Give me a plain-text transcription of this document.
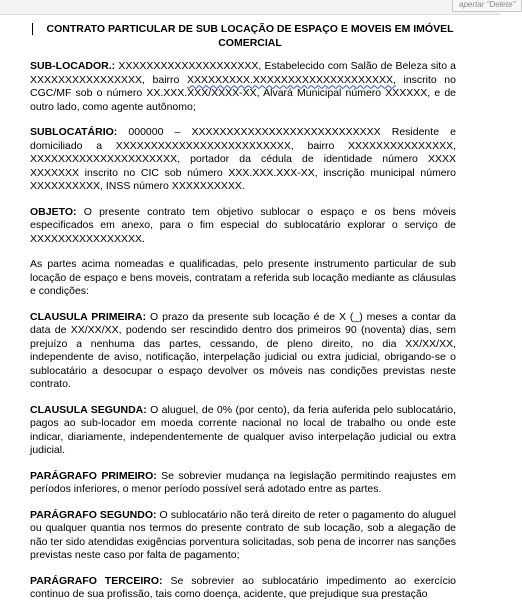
apertar "Delete"
CONTRATO PARTICULAR DE SUB LOCAÇÃO DE ESPAÇO E MOVEIS EM IMÓVEL COMERCIAL

SUB-LOCADOR.: XXXXXXXXXXXXXXXXXXXX, Estabelecido com Salão de Beleza sito a XXXXXXXXXXXXXXXX, bairro XXXXXXXXX.XXXXXXXXXXXXXXXXXXXX, inscrito no CGC/MF sob o número XX.XXX.XXX/XXXX-XX, Alvará Municipal número XXXXXX, e de outro lado, como agente autônomo;

SUBLOCATÁRIO: 000000 – XXXXXXXXXXXXXXXXXXXXXXXXXXX Residente e domiciliado a XXXXXXXXXXXXXXXXXXXXXXXXX, bairro XXXXXXXXXXXXXXX, XXXXXXXXXXXXXXXXXXXXX, portador da cédula de identidade número XXXX XXXXXXX inscrito no CIC sob número XXX.XXX.XXX-XX, inscrição municipal número XXXXXXXXXX, INSS número XXXXXXXXXX.

OBJETO: O presente contrato tem objetivo sublocar o espaço e os bens móveis especificados em anexo, para o fim especial do sublocatário explorar o serviço de XXXXXXXXXXXXXXXX.

As partes acima nomeadas e qualificadas, pelo presente instrumento particular de sub locação de espaço e bens moveis, contratam a referida sub locação mediante as cláusulas e condições:

CLAUSULA PRIMEIRA: O prazo da presente sub locação é de X (_) meses a contar da data de XX/XX/XX, podendo ser rescindido dentro dos primeiros 90 (noventa) dias, sem prejuízo a nenhuma das partes, cessando, de pleno direito, no dia XX/XX/XX, independente de aviso, notificação, interpelação judicial ou extra judicial, obrigando-se o sublocatário a desocupar o espaço devolver os móveis nas condições previstas neste contrato.

CLAUSULA SEGUNDA: O aluguel, de 0% (por cento), da feria auferida pelo sublocatário, pagos ao sub-locador em moeda corrente nacional no local de trabalho ou onde este indicar, diariamente, independentemente de qualquer aviso interpelação judicial ou extra judicial.

PARÁGRAFO PRIMEIRO: Se sobrevier mudança na legislação permitindo reajustes em períodos inferiores, o menor período possível será adotado entre as partes.

PARÁGRAFO SEGUNDO: O sublocatário não terá direito de reter o pagamento do aluguel ou qualquer quantia nos termos do presente contrato de sub locação, sob a alegação de não ter sido atendidas exigências porventura solicitadas, sob pena de incorrer nas sanções previstas neste caso por falta de pagamento;

PARÁGRAFO TERCEIRO: Se sobrevier ao sublocatário impedimento ao exercício continuo de sua profissão, tais como doença, acidente, que prejudique sua prestação
